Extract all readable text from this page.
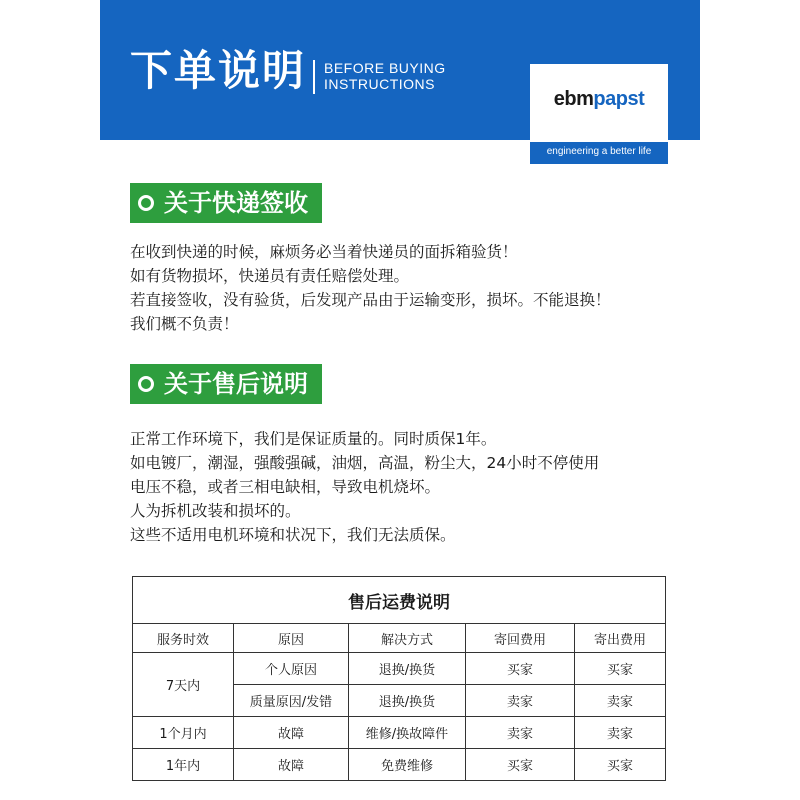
下单说明 BEFORE BUYING
INSTRUCTIONS
ebmpapst
engineering a better life
关于快递签收
在收到快递的时候，麻烦务必当着快递员的面拆箱验货！
如有货物损坏，快递员有责任赔偿处理。
若直接签收，没有验货，后发现产品由于运输变形，损坏。不能退换！
我们概不负责！
关于售后说明
正常工作环境下，我们是保证质量的。同时质保1年。
如电镀厂，潮湿，强酸强碱，油烟，高温，粉尘大，24小时不停使用
电压不稳，或者三相电缺相，导致电机烧坏。
人为拆机改装和损坏的。
这些不适用电机环境和状况下，我们无法质保。
售后运费说明				
服务时效	原因	解决方式	寄回费用	寄出费用
7天内	个人原因	退换/换货	买家	买家
	质量原因/发错	退换/换货	卖家	卖家
1个月内	故障	维修/换故障件	卖家	卖家
1年内	故障	免费维修	买家	买家
